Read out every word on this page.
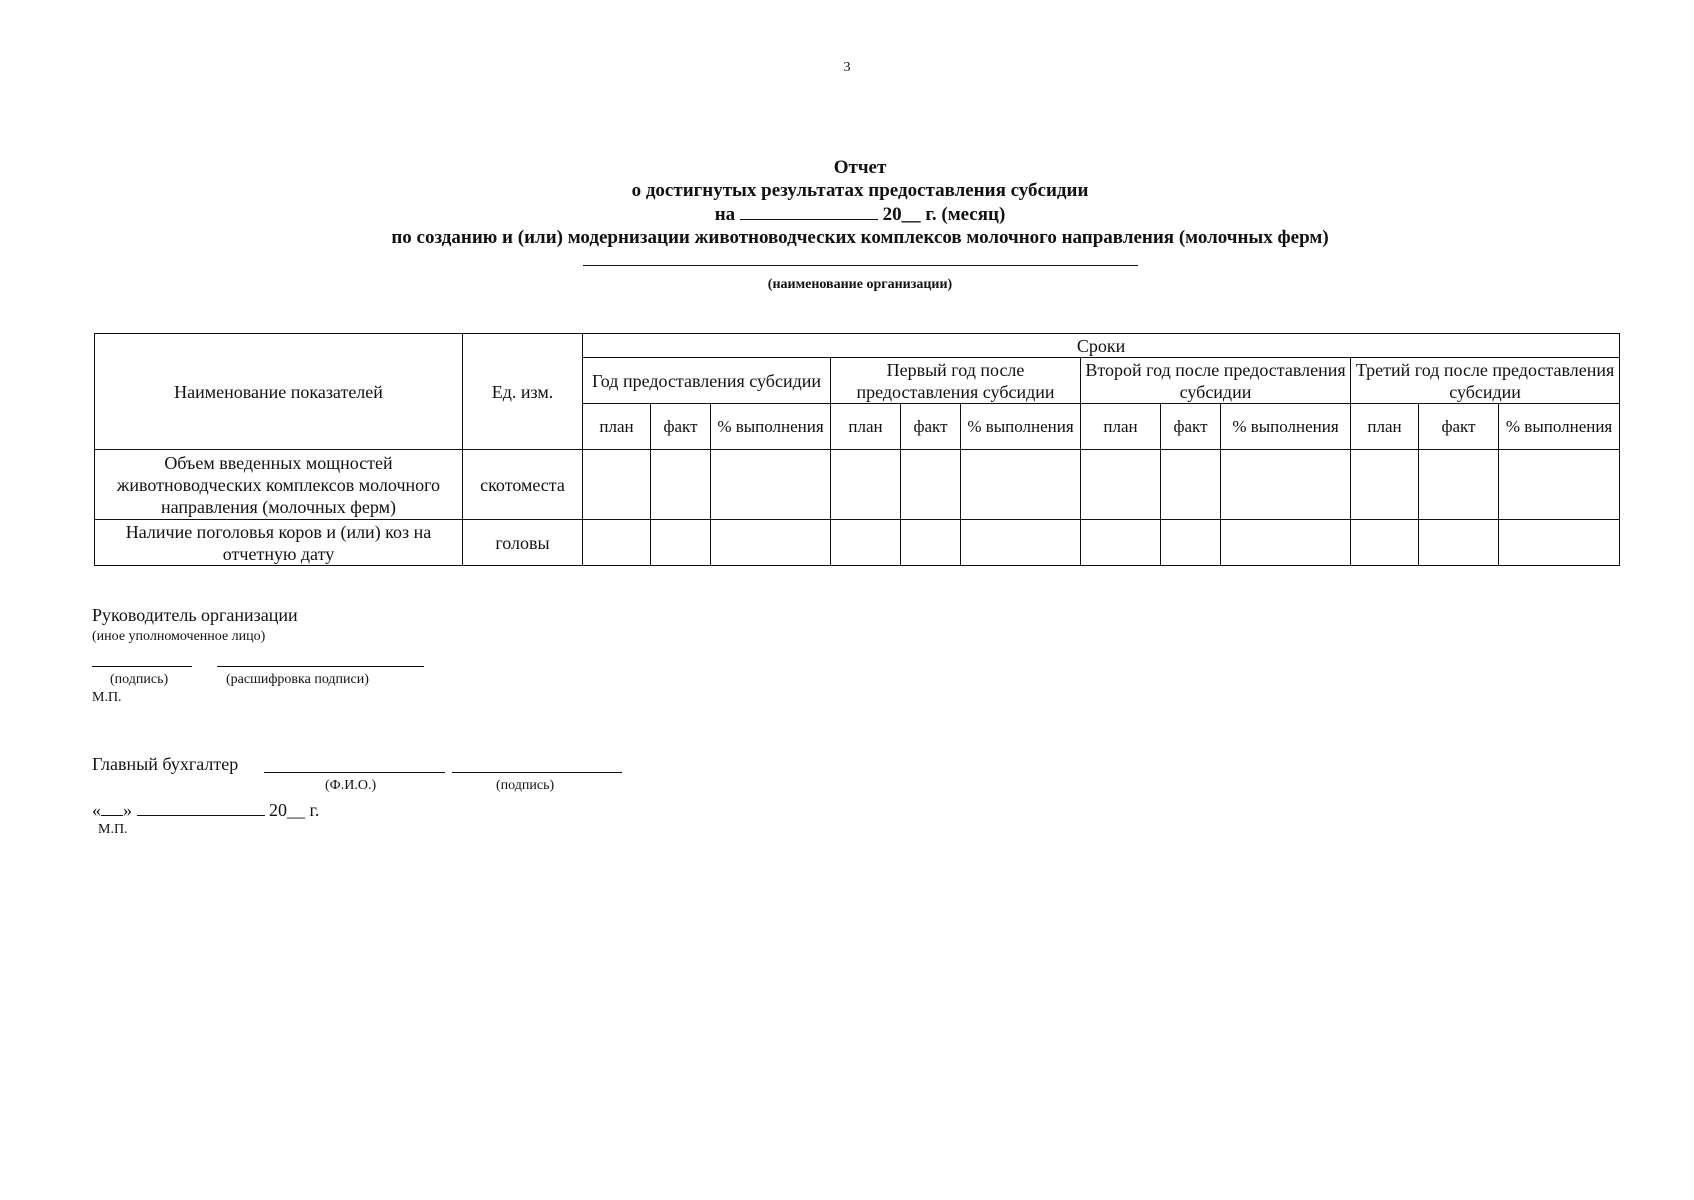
3
Отчет
о достигнутых результатах предоставления субсидии
на	20__ г. (месяц)
по созданию и (или) модернизации животноводческих комплексов молочного направления (молочных ферм)
(наименование организации)
Наименование показателей	Ед. изм.	Сроки											
		Год предоставления субсидии			Первый год после предоставления субсидии			Второй год после предоставления субсидии			Третий год после предоставления субсидии		
		план	факт	% выполнения	план	факт	% выполнения	план	факт	% выполнения	план	факт	% выполнения
Объем введенных мощностей животноводческих комплексов молочного направления (молочных ферм)	скотоместа												
Наличие поголовья коров и (или) коз на отчетную дату	головы												
Руководитель организации
(иное уполномоченное лицо)
(подпись)	(расшифровка подписи)
М.П.
Главный бухгалтер
(Ф.И.О.)	(подпись)
« »	20__ г.
М.П.
